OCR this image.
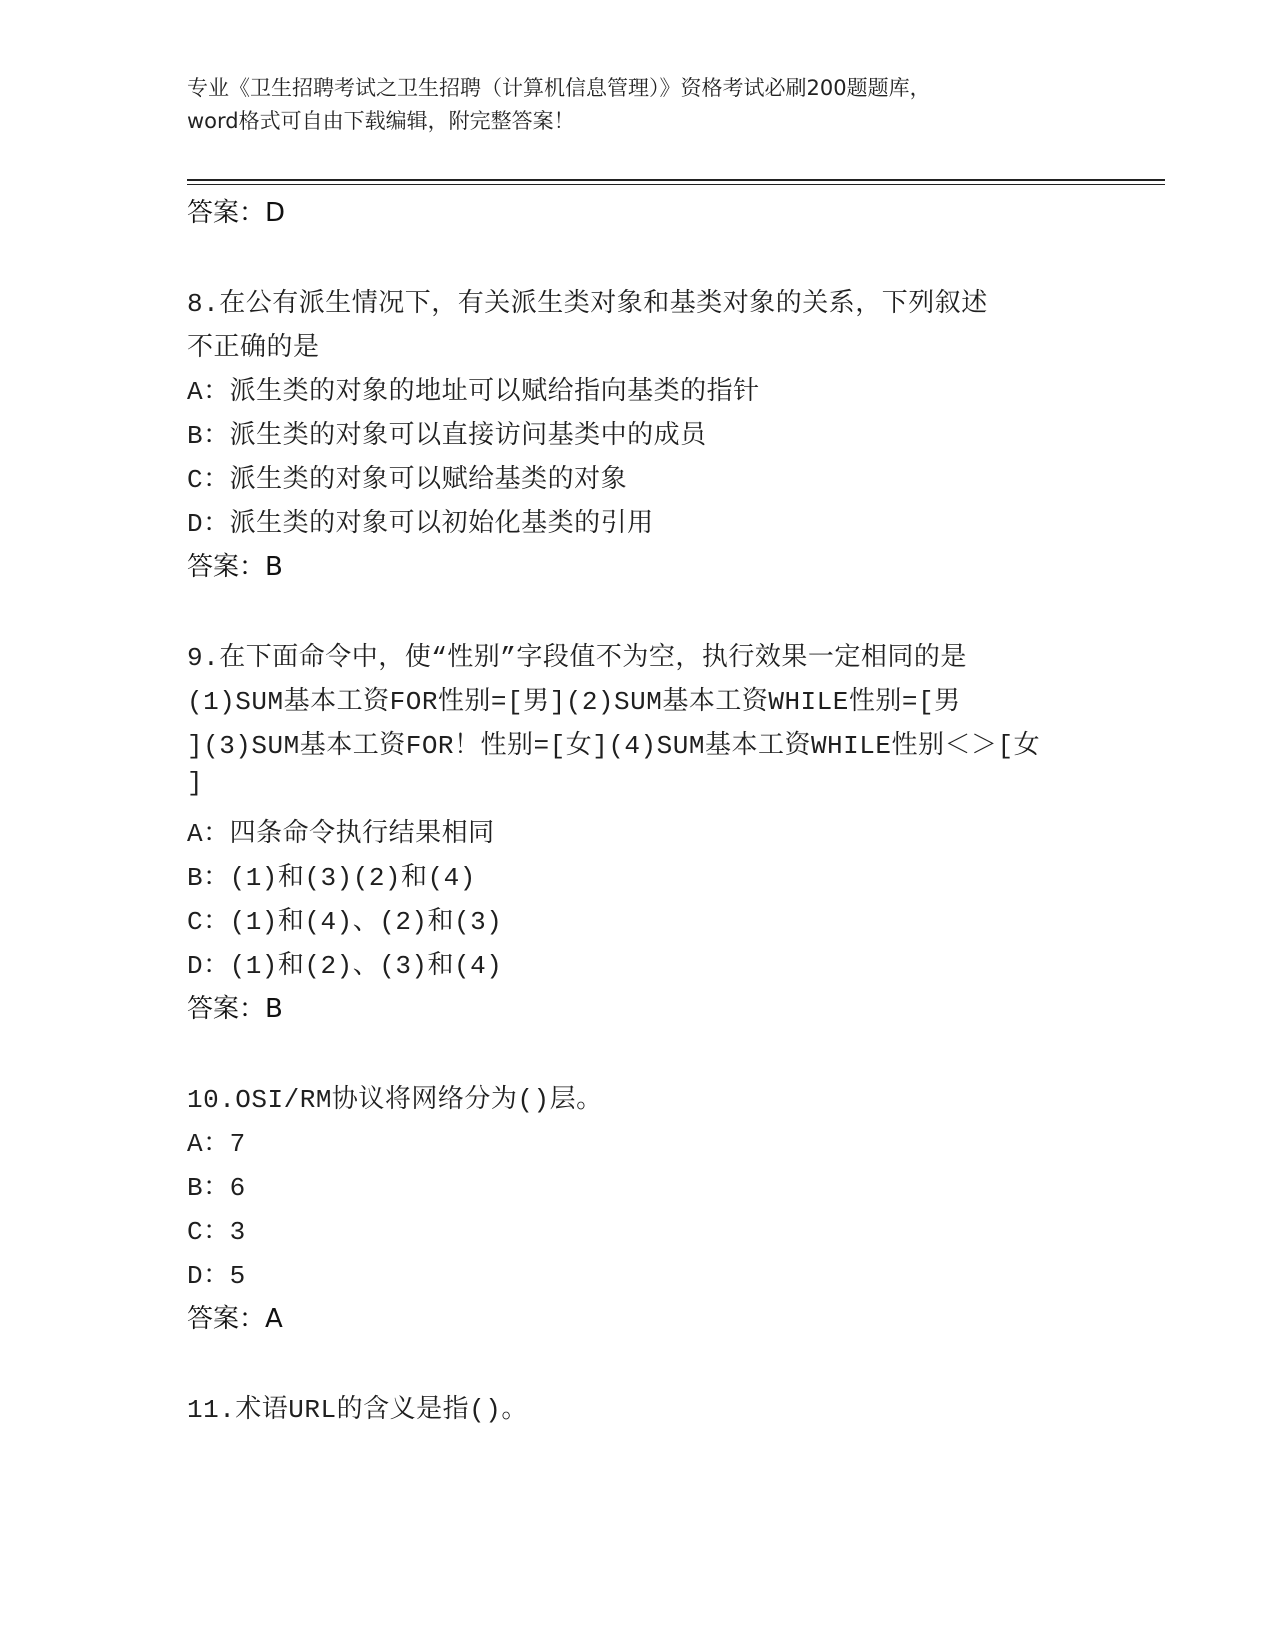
专业《卫生招聘考试之卫生招聘（计算机信息管理）》资格考试必刷200题题库，
word格式可自由下载编辑，附完整答案！
答案：D
8.在公有派生情况下，有关派生类对象和基类对象的关系，下列叙述
不正确的是
A：派生类的对象的地址可以赋给指向基类的指针
B：派生类的对象可以直接访问基类中的成员
C：派生类的对象可以赋给基类的对象
D：派生类的对象可以初始化基类的引用
答案：B
9.在下面命令中，使“性别”字段值不为空，执行效果一定相同的是
(1)SUM基本工资FOR性别=[男](2)SUM基本工资WHILE性别=[男
](3)SUM基本工资FOR！性别=[女](4)SUM基本工资WHILE性别＜＞[女
]
A：四条命令执行结果相同
B：(1)和(3)(2)和(4)
C：(1)和(4)、(2)和(3)
D：(1)和(2)、(3)和(4)
答案：B
10.OSI/RM协议将网络分为()层。
A：7
B：6
C：3
D：5
答案：A
11.术语URL的含义是指()。
